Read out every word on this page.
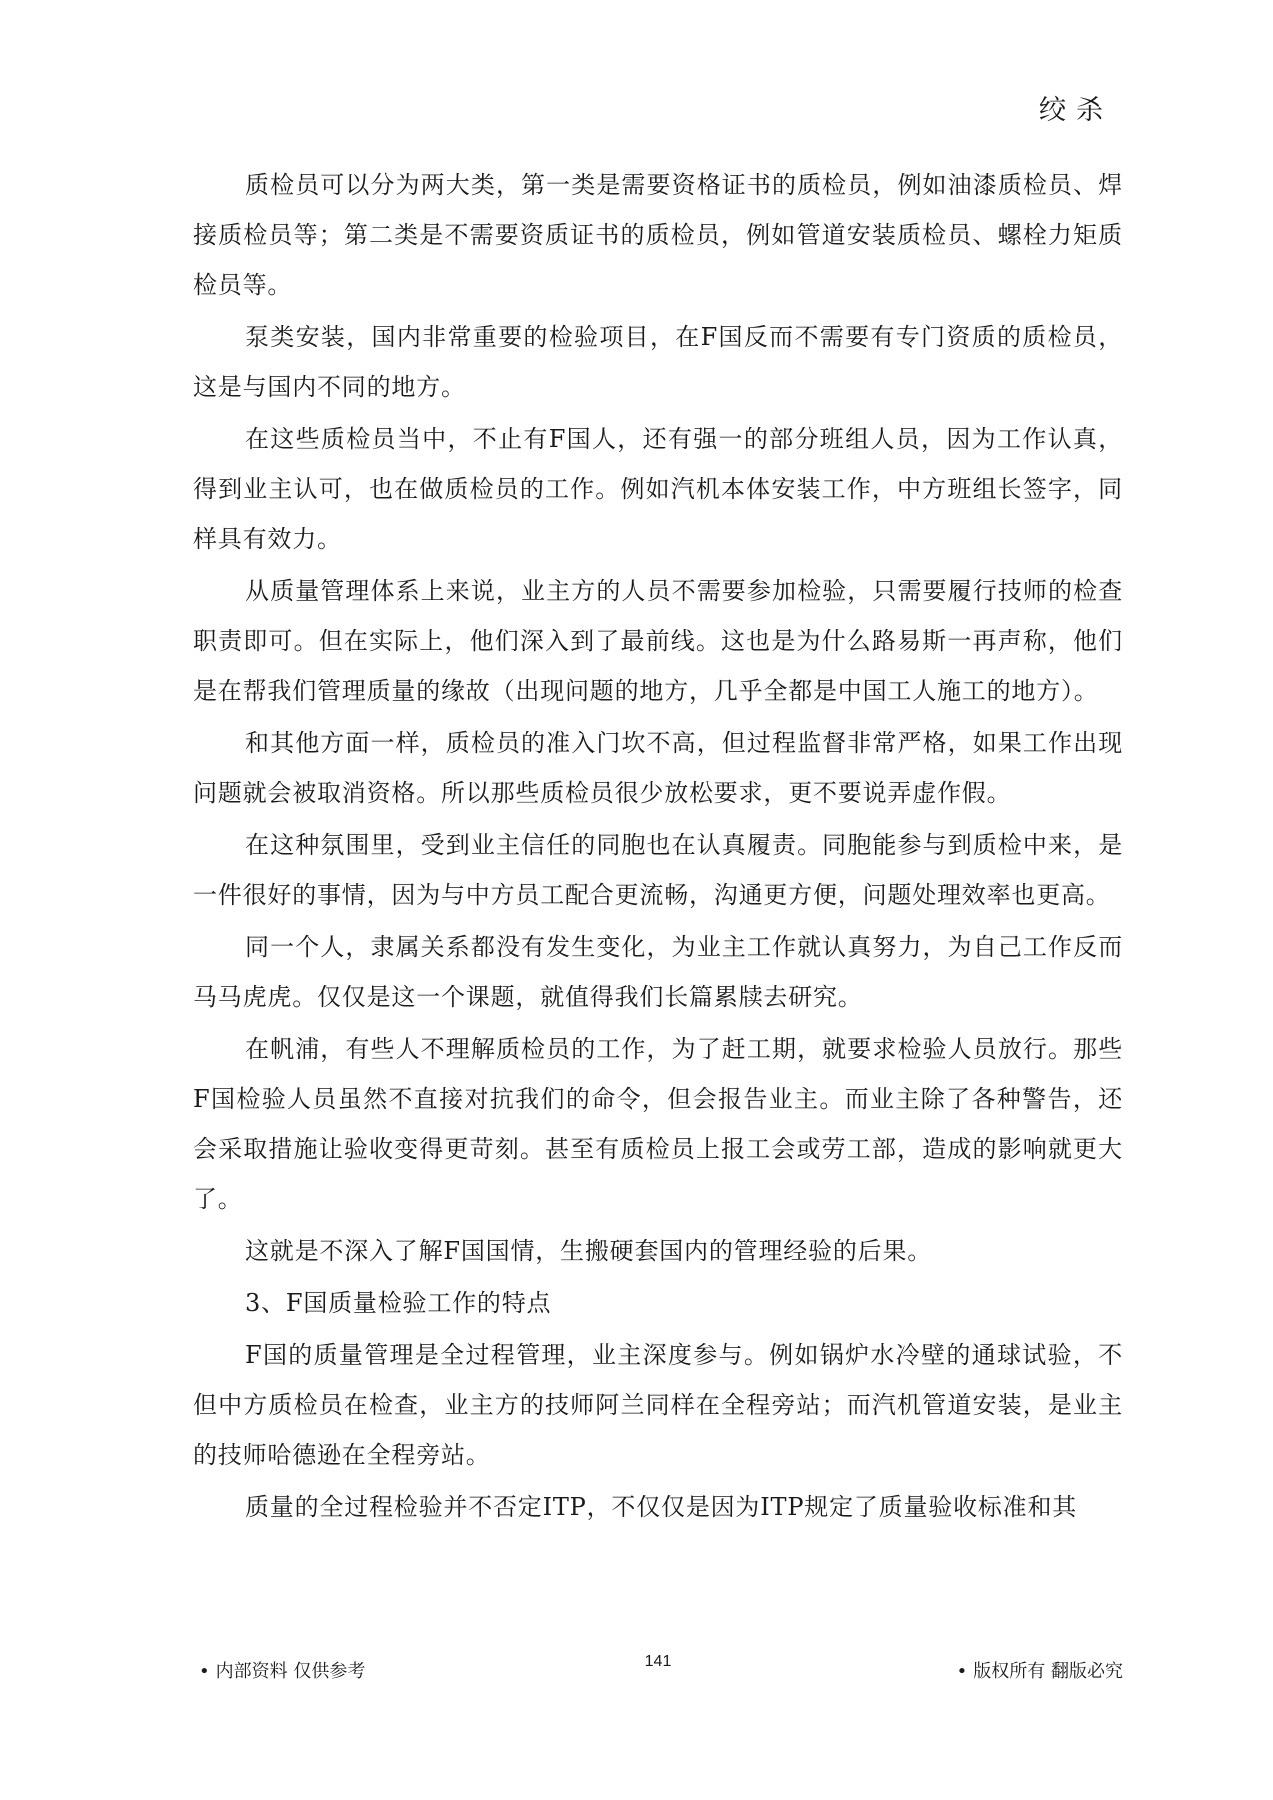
绞杀

质检员可以分为两大类，第一类是需要资格证书的质检员，例如油漆质检员、焊接质检员等；第二类是不需要资质证书的质检员，例如管道安装质检员、螺栓力矩质检员等。

泵类安装，国内非常重要的检验项目，在F国反而不需要有专门资质的质检员，这是与国内不同的地方。

在这些质检员当中，不止有F国人，还有强一的部分班组人员，因为工作认真，得到业主认可，也在做质检员的工作。例如汽机本体安装工作，中方班组长签字，同样具有效力。

从质量管理体系上来说，业主方的人员不需要参加检验，只需要履行技师的检查职责即可。但在实际上，他们深入到了最前线。这也是为什么路易斯一再声称，他们是在帮我们管理质量的缘故（出现问题的地方，几乎全都是中国工人施工的地方）。

和其他方面一样，质检员的准入门坎不高，但过程监督非常严格，如果工作出现问题就会被取消资格。所以那些质检员很少放松要求，更不要说弄虚作假。

在这种氛围里，受到业主信任的同胞也在认真履责。同胞能参与到质检中来，是一件很好的事情，因为与中方员工配合更流畅，沟通更方便，问题处理效率也更高。

同一个人，隶属关系都没有发生变化，为业主工作就认真努力，为自己工作反而马马虎虎。仅仅是这一个课题，就值得我们长篇累牍去研究。

在帆浦，有些人不理解质检员的工作，为了赶工期，就要求检验人员放行。那些F国检验人员虽然不直接对抗我们的命令，但会报告业主。而业主除了各种警告，还会采取措施让验收变得更苛刻。甚至有质检员上报工会或劳工部，造成的影响就更大了。

这就是不深入了解F国国情，生搬硬套国内的管理经验的后果。

3、F国质量检验工作的特点

F国的质量管理是全过程管理，业主深度参与。例如锅炉水冷壁的通球试验，不但中方质检员在检查，业主方的技师阿兰同样在全程旁站；而汽机管道安装，是业主的技师哈德逊在全程旁站。

质量的全过程检验并不否定ITP，不仅仅是因为ITP规定了质量验收标准和其

• 内部资料 仅供参考	141	• 版权所有 翻版必究
